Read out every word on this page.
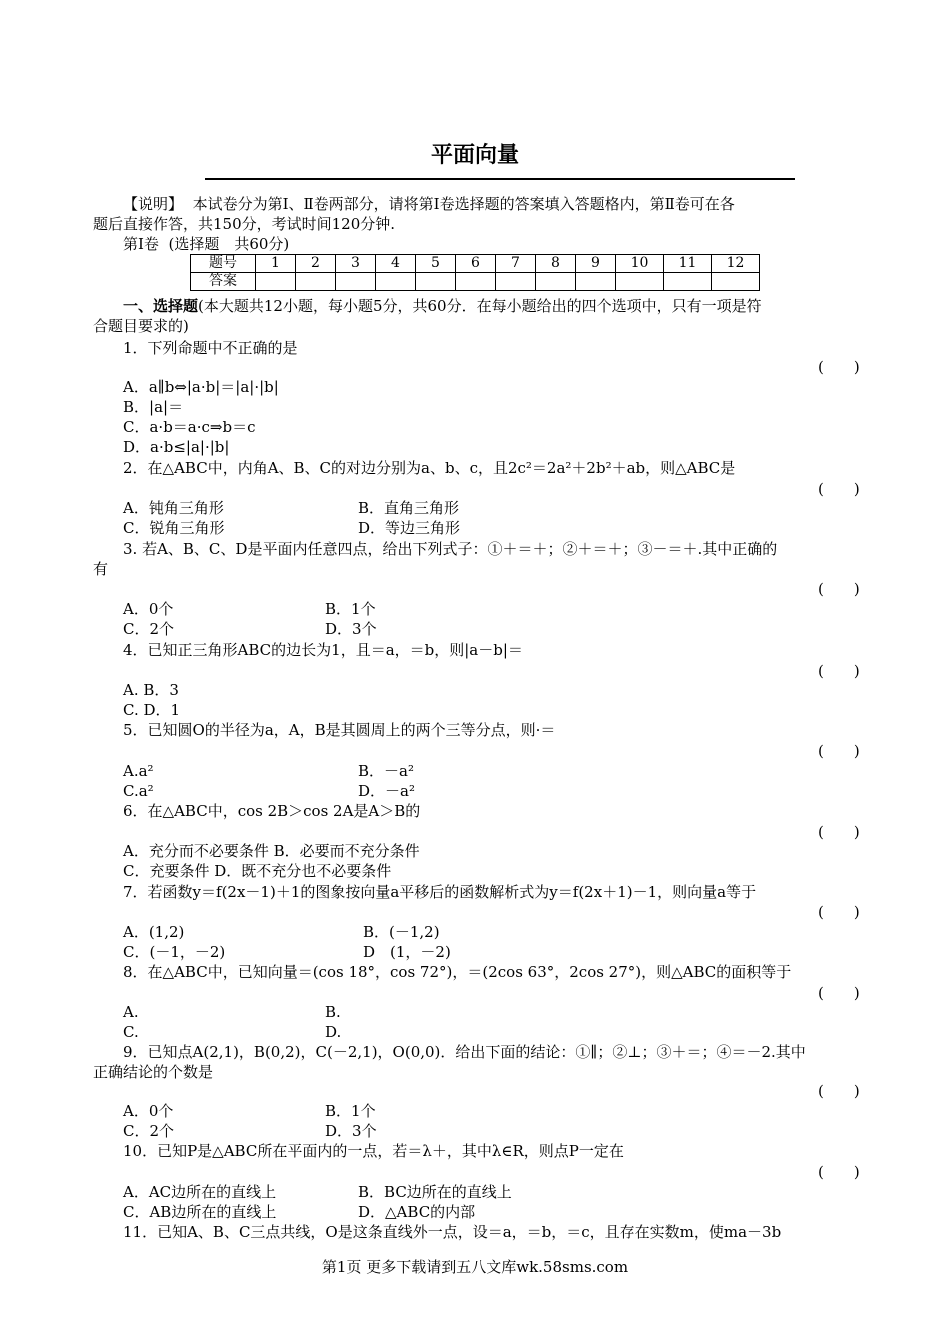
平面向量
【说明】 本试卷分为第Ⅰ、Ⅱ卷两部分，请将第Ⅰ卷选择题的答案填入答题格内，第Ⅱ卷可在各
题后直接作答，共150分，考试时间120分钟.
第Ⅰ卷 (选择题　共60分)
题号	1	2	3	4	5	6	7	8	9	10	11	12
答案												
一、选择题(本大题共12小题，每小题5分，共60分．在每小题给出的四个选项中，只有一项是符
合题目要求的)
1．下列命题中不正确的是
(　　)
A．a∥b⇔|a·b|＝|a|·|b|
B．|a|＝
C．a·b＝a·c⇒b＝c
D．a·b≤|a|·|b|
2．在△ABC中，内角A、B、C的对边分别为a、b、c，且2c²＝2a²＋2b²＋ab，则△ABC是
(　　)
A．钝角三角形	B．直角三角形
C．锐角三角形	D．等边三角形
3. 若A、B、C、D是平面内任意四点，给出下列式子：①＋＝＋；②＋＝＋；③－＝＋.其中正确的
有
(　　)
A．0个	B．1个
C．2个	D．3个
4．已知正三角形ABC的边长为1，且＝a，＝b，则|a－b|＝
(　　)
A. B．3
C. D．1
5．已知圆O的半径为a，A，B是其圆周上的两个三等分点，则·＝
(　　)
A.a²	B．－a²
C.a²	D．－a²
6．在△ABC中，cos 2B＞cos 2A是A＞B的
(　　)
A．充分而不必要条件 B．必要而不充分条件
C．充要条件 D．既不充分也不必要条件
7．若函数y＝f(2x－1)＋1的图象按向量a平移后的函数解析式为y＝f(2x＋1)－1，则向量a等于
(　　)
A．(1,2)	B．(－1,2)
C．(－1，－2)	D　(1，－2)
8．在△ABC中，已知向量＝(cos 18°，cos 72°)，＝(2cos 63°，2cos 27°)，则△ABC的面积等于
(　　)
A.	B.
C.	D.
9．已知点A(2,1)，B(0,2)，C(－2,1)，O(0,0)．给出下面的结论：①∥；②⊥；③＋＝；④＝－2.其中
正确结论的个数是
(　　)
A．0个	B．1个
C．2个	D．3个
10．已知P是△ABC所在平面内的一点，若＝λ＋，其中λ∈R，则点P一定在
(　　)
A．AC边所在的直线上	B．BC边所在的直线上
C．AB边所在的直线上	D．△ABC的内部
11．已知A、B、C三点共线，O是这条直线外一点，设＝a，＝b，＝c，且存在实数m，使ma－3b
第1页 更多下载请到五八文库wk.58sms.com
